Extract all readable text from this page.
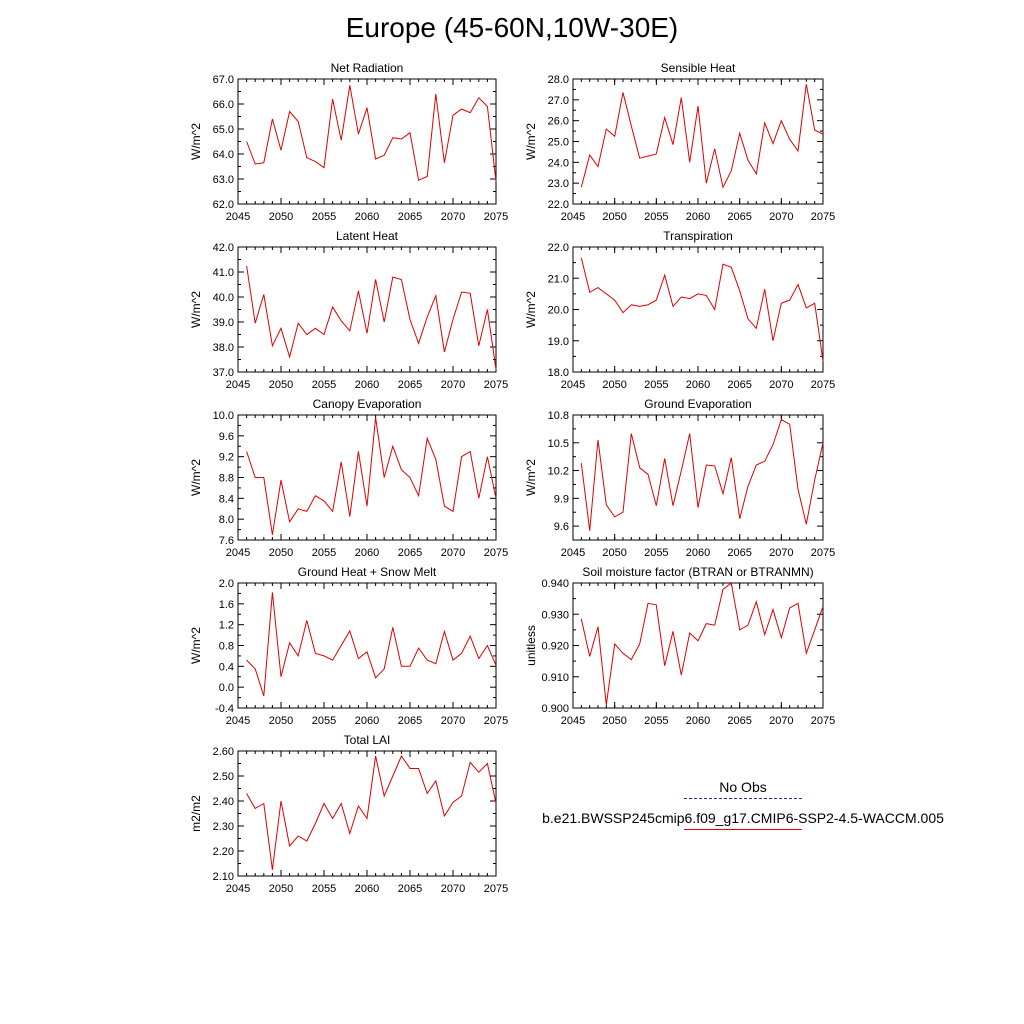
Europe (45-60N,10W-30E)
2045 2050 2055 2060 2065 2070 2075
62.0
63.0
64.0
65.0
66.0
67.0
Net Radiation
W/m^2
2045 2050 2055 2060 2065 2070 2075
22.0
23.0
24.0
25.0
26.0
27.0
28.0
Sensible Heat
W/m^2
2045 2050 2055 2060 2065 2070 2075
37.0
38.0
39.0
40.0
41.0
42.0
Latent Heat
W/m^2
2045 2050 2055 2060 2065 2070 2075
18.0
19.0
20.0
21.0
22.0
Transpiration
W/m^2
2045 2050 2055 2060 2065 2070 2075
7.6
8.0
8.4
8.8
9.2
9.6
10.0
Canopy Evaporation
W/m^2
2045 2050 2055 2060 2065 2070 2075
9.6
9.9
10.2
10.5
10.8
Ground Evaporation
W/m^2
2045 2050 2055 2060 2065 2070 2075
-0.4
0.0
0.4
0.8
1.2
1.6
2.0
Ground Heat + Snow Melt
W/m^2
2045 2050 2055 2060 2065 2070 2075
0.900
0.910
0.920
0.930
0.940
Soil moisture factor (BTRAN or BTRANMN)
unitless
2045 2050 2055 2060 2065 2070 2075
2.10
2.20
2.30
2.40
2.50
2.60
Total LAI
m2/m2
No Obs
b.e21.BWSSP245cmip6.f09_g17.CMIP6-SSP2-4.5-WACCM.005
